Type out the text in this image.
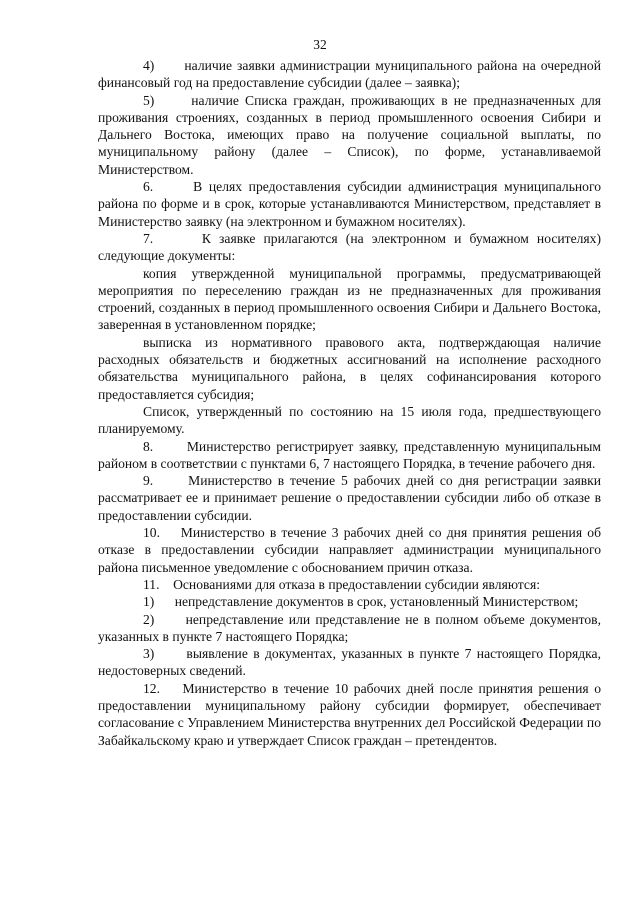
32

4)      наличие заявки администрации муниципального района на очередной финансовый год на предоставление субсидии (далее – заявка);

5)      наличие Списка граждан, проживающих в не предназначенных для проживания строениях, созданных в период промышленного освоения Сибири и Дальнего Востока, имеющих право на получение социальной выплаты, по муниципальному району (далее – Список), по форме, устанавливаемой Министерством.

6.      В целях предоставления субсидии администрация муниципального района по форме и в срок, которые устанавливаются Министерством, представляет в Министерство заявку (на электронном и бумажном носителях).

7.      К заявке прилагаются (на электронном и бумажном носителях) следующие документы:

копия утвержденной муниципальной программы, предусматривающей мероприятия по переселению граждан из не предназначенных для проживания строений, созданных в период промышленного освоения Сибири и Дальнего Востока, заверенная в установленном порядке;

выписка из нормативного правового акта, подтверждающая наличие расходных обязательств и бюджетных ассигнований на исполнение расходного обязательства муниципального района, в целях софинансирования которого предоставляется субсидия;

Список, утвержденный по состоянию на 15 июля года, предшествующего планируемому.

8.      Министерство регистрирует заявку, представленную муниципальным районом в соответствии с пунктами 6, 7 настоящего Порядка, в течение рабочего дня.

9.      Министерство в течение 5 рабочих дней со дня регистрации заявки рассматривает ее и принимает решение о предоставлении субсидии либо об отказе в предоставлении субсидии.

10.    Министерство в течение 3 рабочих дней со дня принятия решения об отказе в предоставлении субсидии направляет администрации муниципального района письменное уведомление с обоснованием причин отказа.

11.    Основаниями для отказа в предоставлении субсидии являются:

1)      непредставление документов в срок, установленный Министерством;

2)      непредставление или представление не в полном объеме документов, указанных в пункте 7 настоящего Порядка;

3)      выявление в документах, указанных в пункте 7 настоящего Порядка, недостоверных сведений.

12.    Министерство в течение 10 рабочих дней после принятия решения о предоставлении муниципальному району субсидии формирует, обеспечивает согласование с Управлением Министерства внутренних дел Российской Федерации по Забайкальскому краю и утверждает Список граждан – претендентов.
